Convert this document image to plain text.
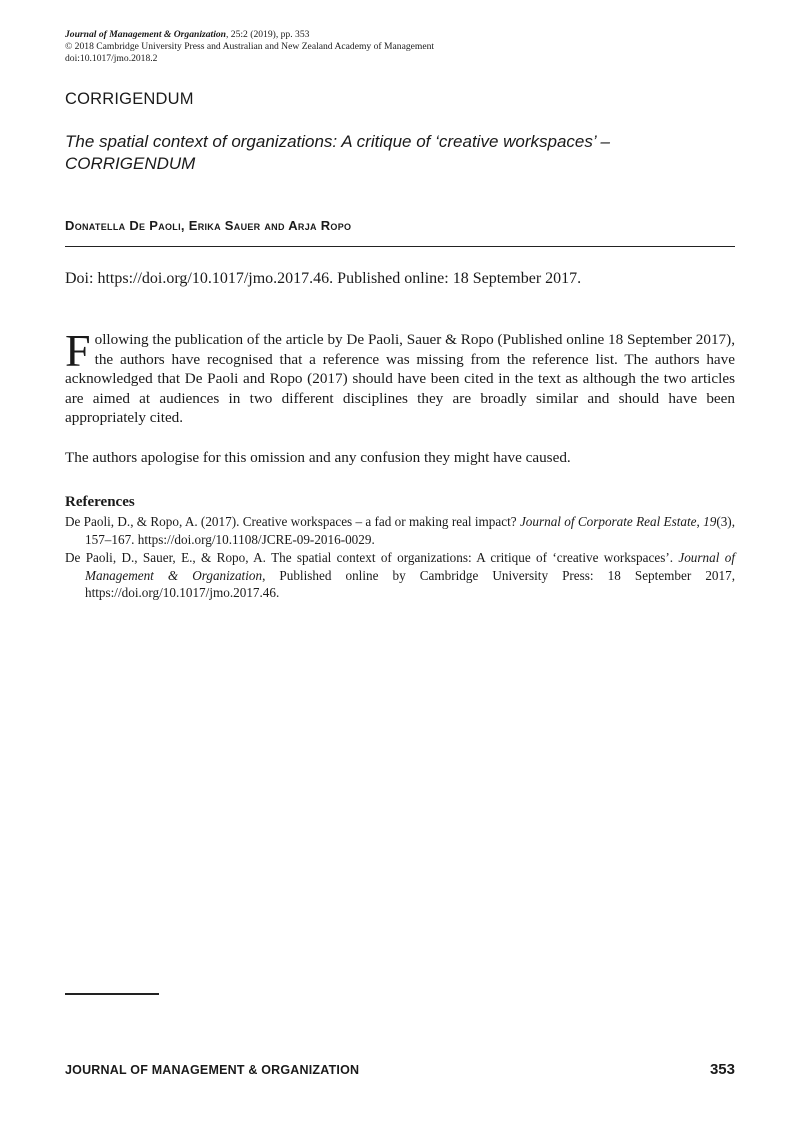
Journal of Management & Organization, 25:2 (2019), pp. 353
© 2018 Cambridge University Press and Australian and New Zealand Academy of Management
doi:10.1017/jmo.2018.2
CORRIGENDUM
The spatial context of organizations: A critique of ‘creative workspaces’ – CORRIGENDUM
Donatella De Paoli, Erika Sauer and Arja Ropo
Doi: https://doi.org/10.1017/jmo.2017.46. Published online: 18 September 2017.
Following the publication of the article by De Paoli, Sauer & Ropo (Published online 18 September 2017), the authors have recognised that a reference was missing from the reference list. The authors have acknowledged that De Paoli and Ropo (2017) should have been cited in the text as although the two articles are aimed at audiences in two different disciplines they are broadly similar and should have been appropriately cited.
The authors apologise for this omission and any confusion they might have caused.
References
De Paoli, D., & Ropo, A. (2017). Creative workspaces – a fad or making real impact? Journal of Corporate Real Estate, 19(3), 157–167. https://doi.org/10.1108/JCRE-09-2016-0029.
De Paoli, D., Sauer, E., & Ropo, A. The spatial context of organizations: A critique of ‘creative workspaces’. Journal of Management & Organization, Published online by Cambridge University Press: 18 September 2017, https://doi.org/10.1017/jmo.2017.46.
JOURNAL OF MANAGEMENT & ORGANIZATION	353
